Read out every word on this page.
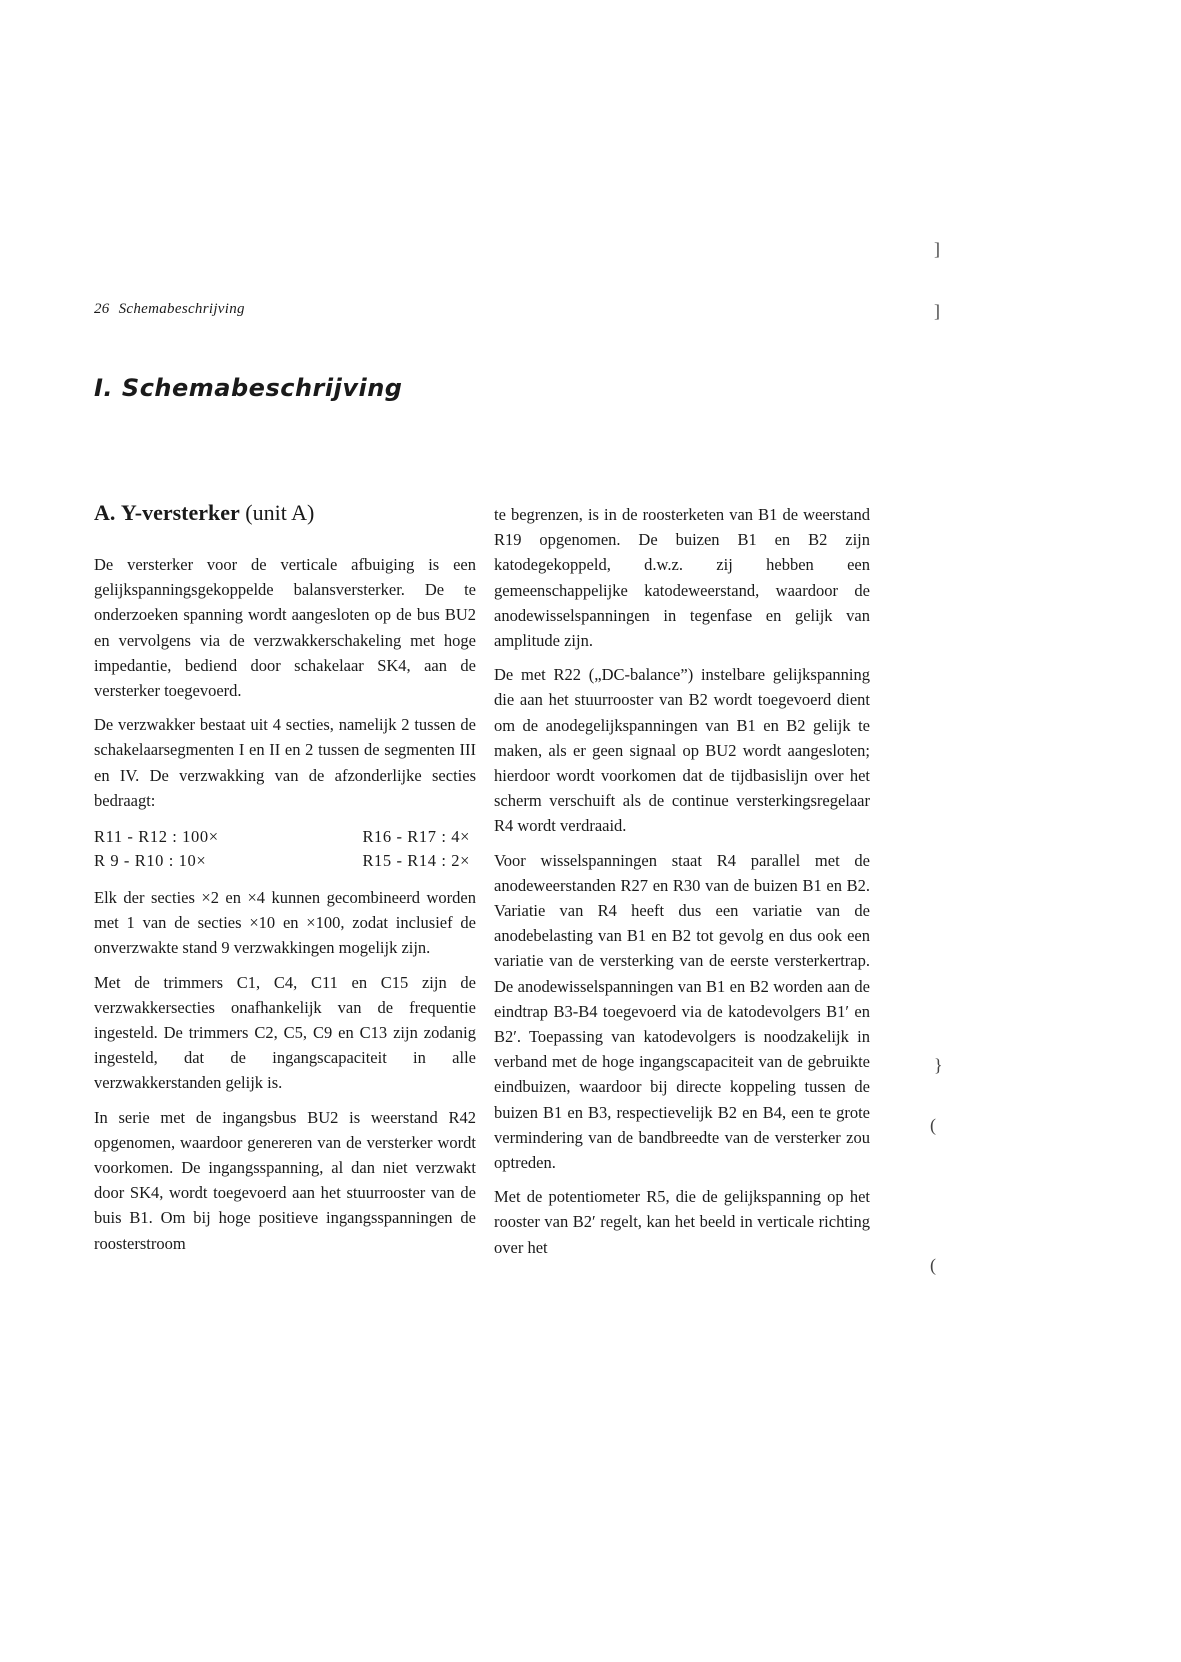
26 Schemabeschrijving
I. Schemabeschrijving
A. Y-versterker (unit A)

De versterker voor de verticale afbuiging is een gelijkspanningsgekoppelde balansversterker. De te onderzoeken spanning wordt aangesloten op de bus BU2 en vervolgens via de verzwakkerschakeling met hoge impedantie, bediend door schakelaar SK4, aan de versterker toegevoerd.

De verzwakker bestaat uit 4 secties, namelijk 2 tussen de schakelaarsegmenten I en II en 2 tussen de segmenten III en IV. De verzwakking van de afzonderlijke secties bedraagt:

R11 - R12 : 100×	R16 - R17 : 4×
R 9 - R10 : 10×	R15 - R14 : 2×

Elk der secties ×2 en ×4 kunnen gecombineerd worden met 1 van de secties ×10 en ×100, zodat inclusief de onverzwakte stand 9 verzwakkingen mogelijk zijn.

Met de trimmers C1, C4, C11 en C15 zijn de verzwakkersecties onafhankelijk van de frequentie ingesteld. De trimmers C2, C5, C9 en C13 zijn zodanig ingesteld, dat de ingangscapaciteit in alle verzwakkerstanden gelijk is.

In serie met de ingangsbus BU2 is weerstand R42 opgenomen, waardoor genereren van de versterker wordt voorkomen. De ingangsspanning, al dan niet verzwakt door SK4, wordt toegevoerd aan het stuurrooster van de buis B1. Om bij hoge positieve ingangsspanningen de roosterstroom

te begrenzen, is in de roosterketen van B1 de weerstand R19 opgenomen. De buizen B1 en B2 zijn katodegekoppeld, d.w.z. zij hebben een gemeenschappelijke katodeweerstand, waardoor de anodewisselspanningen in tegenfase en gelijk van amplitude zijn.

De met R22 („DC-balance”) instelbare gelijkspanning die aan het stuurrooster van B2 wordt toegevoerd dient om de anodegelijkspanningen van B1 en B2 gelijk te maken, als er geen signaal op BU2 wordt aangesloten; hierdoor wordt voorkomen dat de tijdbasislijn over het scherm verschuift als de continue versterkingsregelaar R4 wordt verdraaid.

Voor wisselspanningen staat R4 parallel met de anodeweerstanden R27 en R30 van de buizen B1 en B2. Variatie van R4 heeft dus een variatie van de anodebelasting van B1 en B2 tot gevolg en dus ook een variatie van de versterking van de eerste versterkertrap. De anodewisselspanningen van B1 en B2 worden aan de eindtrap B3-B4 toegevoerd via de katodevolgers B1′ en B2′. Toepassing van katodevolgers is noodzakelijk in verband met de hoge ingangscapaciteit van de gebruikte eindbuizen, waardoor bij directe koppeling tussen de buizen B1 en B3, respectievelijk B2 en B4, een te grote vermindering van de bandbreedte van de versterker zou optreden.

Met de potentiometer R5, die de gelijkspanning op het rooster van B2′ regelt, kan het beeld in verticale richting over het

]
]
}
(
(
